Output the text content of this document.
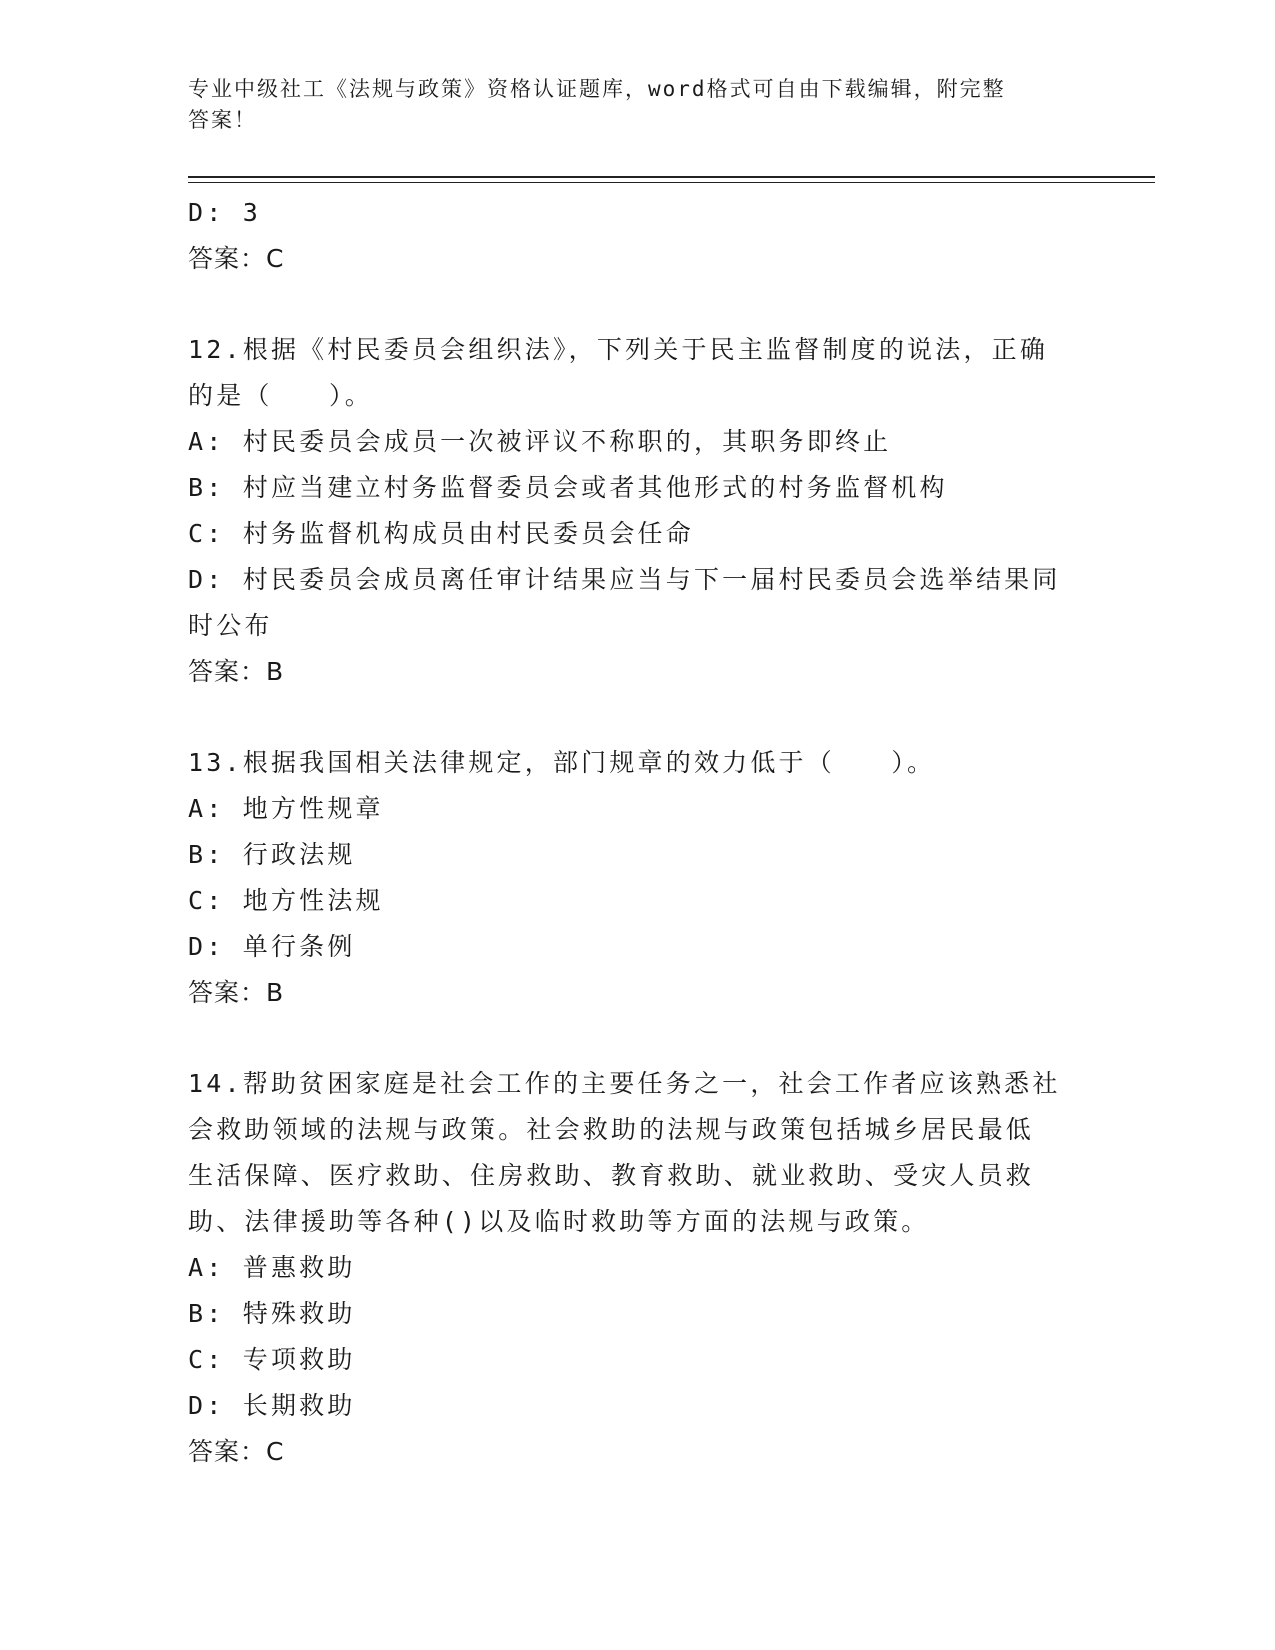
专业中级社工《法规与政策》资格认证题库，word格式可自由下载编辑，附完整
答案！
D: 3
答案：C
12.根据《村民委员会组织法》，下列关于民主监督制度的说法，正确
的是（　　）。
A: 村民委员会成员一次被评议不称职的，其职务即终止
B: 村应当建立村务监督委员会或者其他形式的村务监督机构
C: 村务监督机构成员由村民委员会任命
D: 村民委员会成员离任审计结果应当与下一届村民委员会选举结果同
时公布
答案：B
13.根据我国相关法律规定，部门规章的效力低于（　　）。
A: 地方性规章
B: 行政法规
C: 地方性法规
D: 单行条例
答案：B
14.帮助贫困家庭是社会工作的主要任务之一，社会工作者应该熟悉社
会救助领域的法规与政策。社会救助的法规与政策包括城乡居民最低
生活保障、医疗救助、住房救助、教育救助、就业救助、受灾人员救
助、法律援助等各种()以及临时救助等方面的法规与政策。
A: 普惠救助
B: 特殊救助
C: 专项救助
D: 长期救助
答案：C
